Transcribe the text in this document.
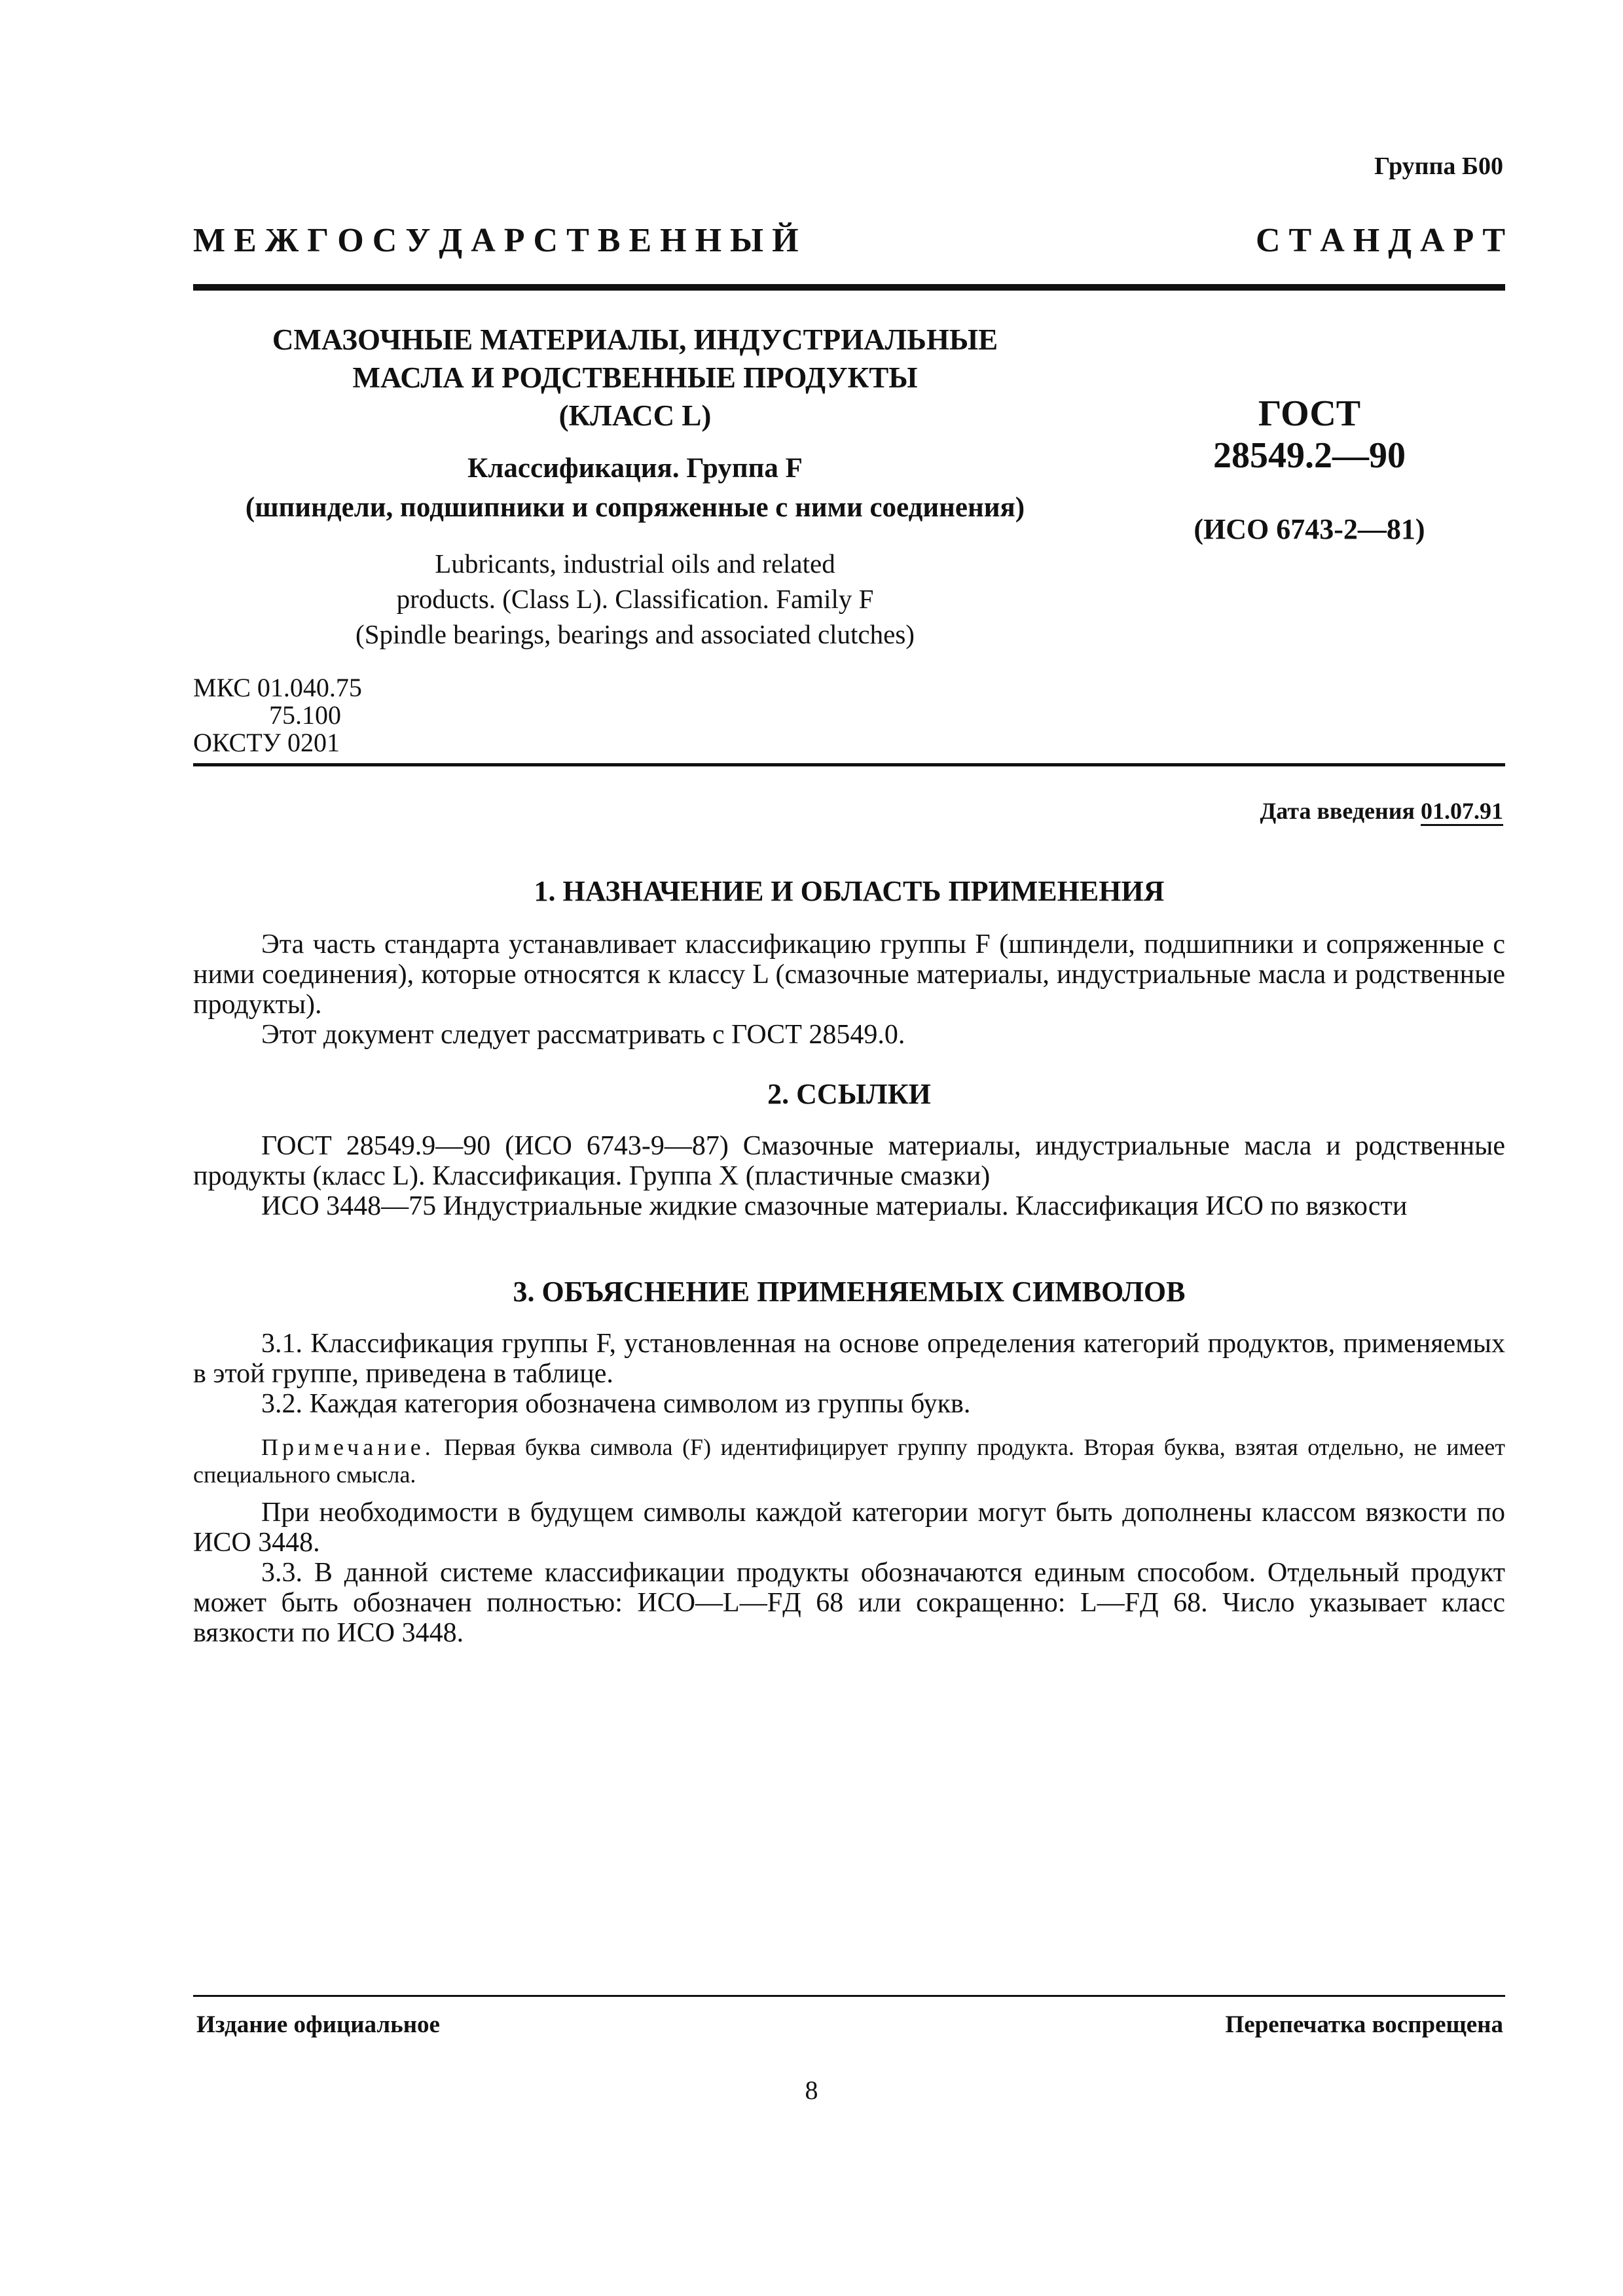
Группа Б00
М Е Ж Г О С У Д А Р С Т В Е Н Н Ы Й	С Т А Н Д А Р Т
СМАЗОЧНЫЕ МАТЕРИАЛЫ, ИНДУСТРИАЛЬНЫЕ
МАСЛА И РОДСТВЕННЫЕ ПРОДУКТЫ
(КЛАСС L)
Классификация. Группа F
(шпиндели, подшипники и сопряженные с ними соединения)
Lubricants, industrial oils and related
products. (Class L). Classification. Family F
(Spindle bearings, bearings and associated clutches)
ГОСТ
28549.2—90
(ИСО 6743-2—81)
МКС 01.040.75
75.100
ОКСТУ 0201
Дата введения 01.07.91
1. НАЗНАЧЕНИЕ И ОБЛАСТЬ ПРИМЕНЕНИЯ

Эта часть стандарта устанавливает классификацию группы F (шпиндели, подшипники и сопряженные с ними соединения), которые относятся к классу L (смазочные материалы, индустриальные масла и родственные продукты).

Этот документ следует рассматривать с ГОСТ 28549.0.

2. ССЫЛКИ

ГОСТ 28549.9—90 (ИСО 6743-9—87) Смазочные материалы, индустриальные масла и родственные продукты (класс L). Классификация. Группа X (пластичные смазки)

ИСО 3448—75 Индустриальные жидкие смазочные материалы. Классификация ИСО по вязкости

3. ОБЪЯСНЕНИЕ ПРИМЕНЯЕМЫХ СИМВОЛОВ

3.1. Классификация группы F, установленная на основе определения категорий продуктов, применяемых в этой группе, приведена в таблице.

3.2. Каждая категория обозначена символом из группы букв.

Примечание. Первая буква символа (F) идентифицирует группу продукта. Вторая буква, взятая отдельно, не имеет специального смысла.

При необходимости в будущем символы каждой категории могут быть дополнены классом вязкости по ИСО 3448.

3.3. В данной системе классификации продукты обозначаются единым способом. Отдельный продукт может быть обозначен полностью: ИСО—L—FД 68 или сокращенно: L—FД 68. Число указывает класс вязкости по ИСО 3448.

Издание официальное	Перепечатка воспрещена
8
